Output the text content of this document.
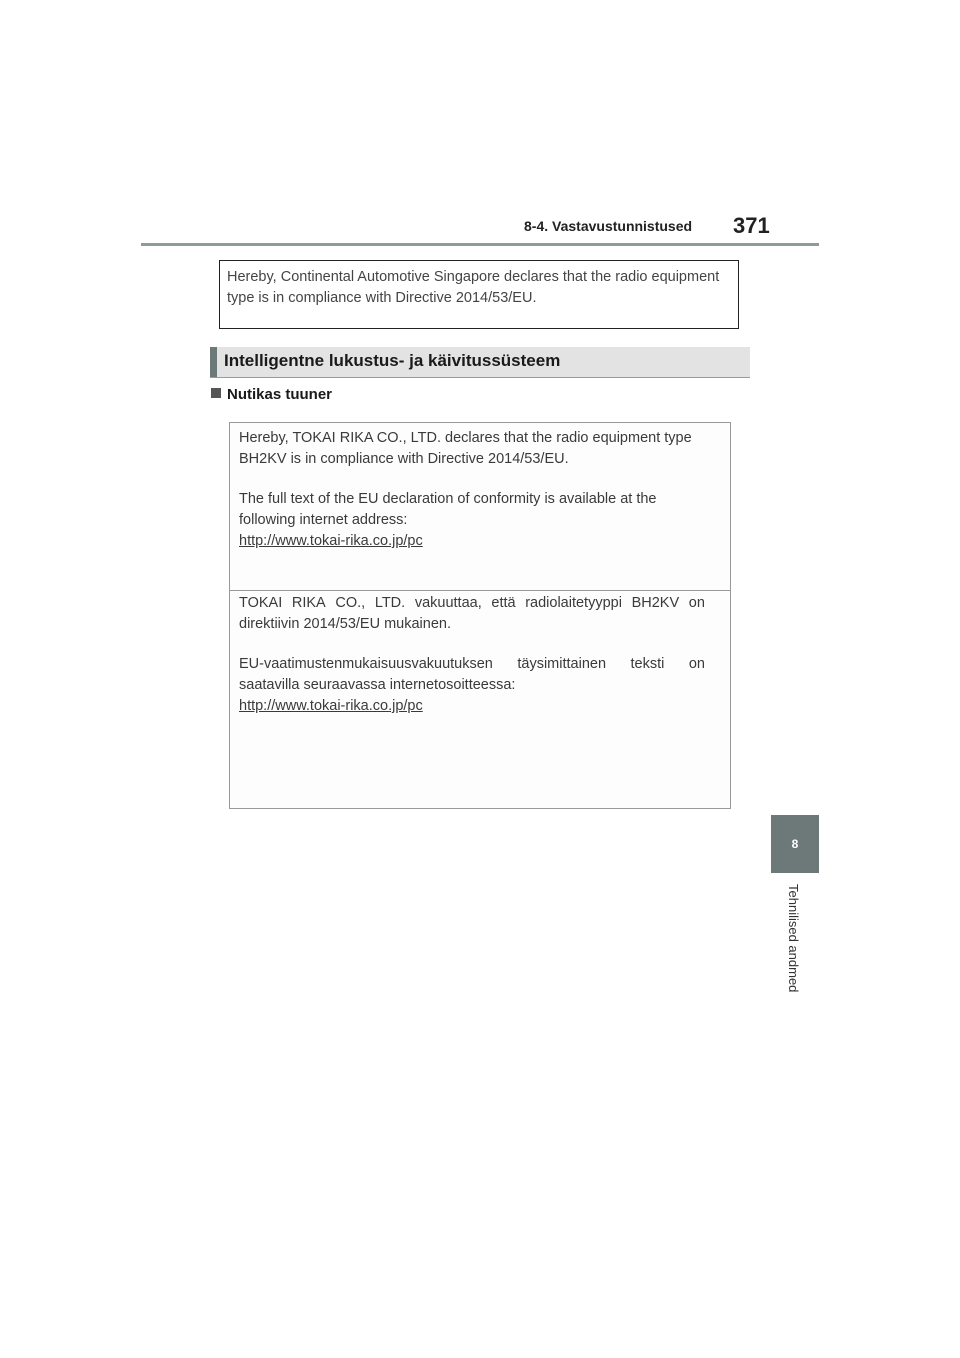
8-4. Vastavustunnistused 371
Hereby, Continental Automotive Singapore declares that the radio equipment
type is in compliance with Directive 2014/53/EU.
Intelligentne lukustus- ja käivitussüsteem
Nutikas tuuner
Hereby, TOKAI RIKA CO., LTD. declares that the radio equipment type
BH2KV is in compliance with Directive 2014/53/EU.
The full text of the EU declaration of conformity is available at the
following internet address:
http://www.tokai-rika.co.jp/pc
TOKAI RIKA CO., LTD. vakuuttaa, että radiolaitetyyppi BH2KV on
direktiivin 2014/53/EU mukainen.
EU-vaatimustenmukaisuusvakuutuksen täysimittainen teksti on
saatavilla seuraavassa internetosoitteessa:
http://www.tokai-rika.co.jp/pc
8
Tehnilised andmed
